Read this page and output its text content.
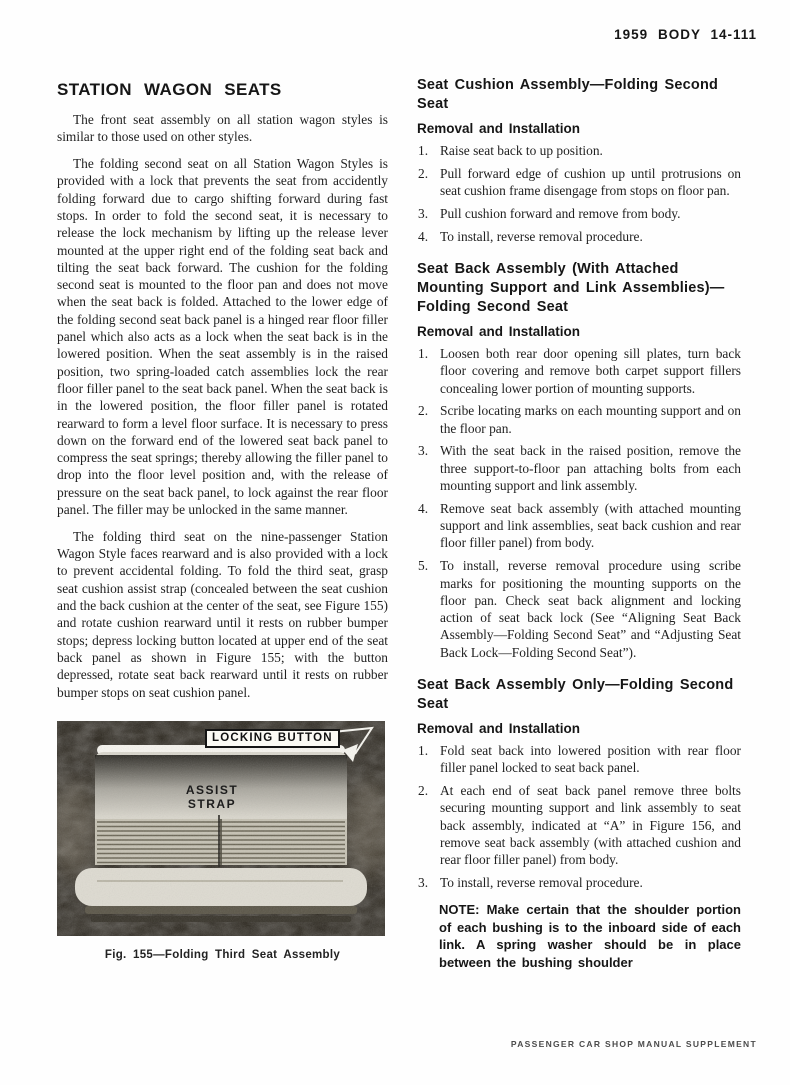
1959 BODY 14-111
STATION WAGON SEATS

The front seat assembly on all station wagon styles is similar to those used on other styles.

The folding second seat on all Station Wagon Styles is provided with a lock that prevents the seat from accidently folding forward due to cargo shifting forward during fast stops. In order to fold the second seat, it is necessary to release the lock mechanism by lifting up the release lever mounted at the upper right end of the folding seat back and tilting the seat back forward. The cushion for the folding second seat is mounted to the floor pan and does not move when the seat back is folded. Attached to the lower edge of the folding second seat back panel is a hinged rear floor filler panel which also acts as a lock when the seat back is in the lowered position. When the seat assembly is in the raised position, two spring-loaded catch assemblies lock the rear floor filler panel to the seat back panel. When the seat back is in the lowered position, the floor filler panel is rotated rearward to form a level floor surface. It is necessary to press down on the forward end of the lowered seat back panel to compress the seat springs; thereby allowing the filler panel to drop into the floor level position and, with the release of pressure on the seat back panel, to lock against the rear floor panel. The filler may be unlocked in the same manner.

The folding third seat on the nine-passenger Station Wagon Style faces rearward and is also provided with a lock to prevent accidental folding. To fold the third seat, grasp seat cushion assist strap (concealed between the seat cushion and the back cushion at the center of the seat, see Figure 155) and rotate cushion rearward until it rests on rubber bumper stops; depress locking button located at upper end of the seat back panel as shown in Figure 155; with the button depressed, rotate seat back rearward until it rests on rubber bumper stops on seat cushion panel.

LOCKING BUTTON
ASSIST
STRAP
Fig. 155—Folding Third Seat Assembly
Seat Cushion Assembly—Folding Second Seat
Removal and Installation
1. Raise seat back to up position.
2. Pull forward edge of cushion up until protrusions on seat cushion frame disengage from stops on floor pan.
3. Pull cushion forward and remove from body.
4. To install, reverse removal procedure.
Seat Back Assembly (With Attached Mounting Support and Link Assemblies)—Folding Second Seat
Removal and Installation
1. Loosen both rear door opening sill plates, turn back floor covering and remove both carpet support fillers concealing lower portion of mounting supports.
2. Scribe locating marks on each mounting support and on the floor pan.
3. With the seat back in the raised position, remove the three support-to-floor pan attaching bolts from each mounting support and link assembly.
4. Remove seat back assembly (with attached mounting support and link assemblies, seat back cushion and rear floor filler panel) from body.
5. To install, reverse removal procedure using scribe marks for positioning the mounting supports on the floor pan. Check seat back alignment and locking action of seat back lock (See “Aligning Seat Back Assembly—Folding Second Seat” and “Adjusting Seat Back Lock—Folding Second Seat”).
Seat Back Assembly Only—Folding Second Seat
Removal and Installation
1. Fold seat back into lowered position with rear floor filler panel locked to seat back panel.
2. At each end of seat back panel remove three bolts securing mounting support and link assembly to seat back assembly, indicated at “A” in Figure 156, and remove seat back assembly (with attached cushion and rear floor filler panel) from body.
3. To install, reverse removal procedure.
NOTE: Make certain that the shoulder portion of each bushing is to the inboard side of each link. A spring washer should be in place between the bushing shoulder
PASSENGER CAR SHOP MANUAL SUPPLEMENT
